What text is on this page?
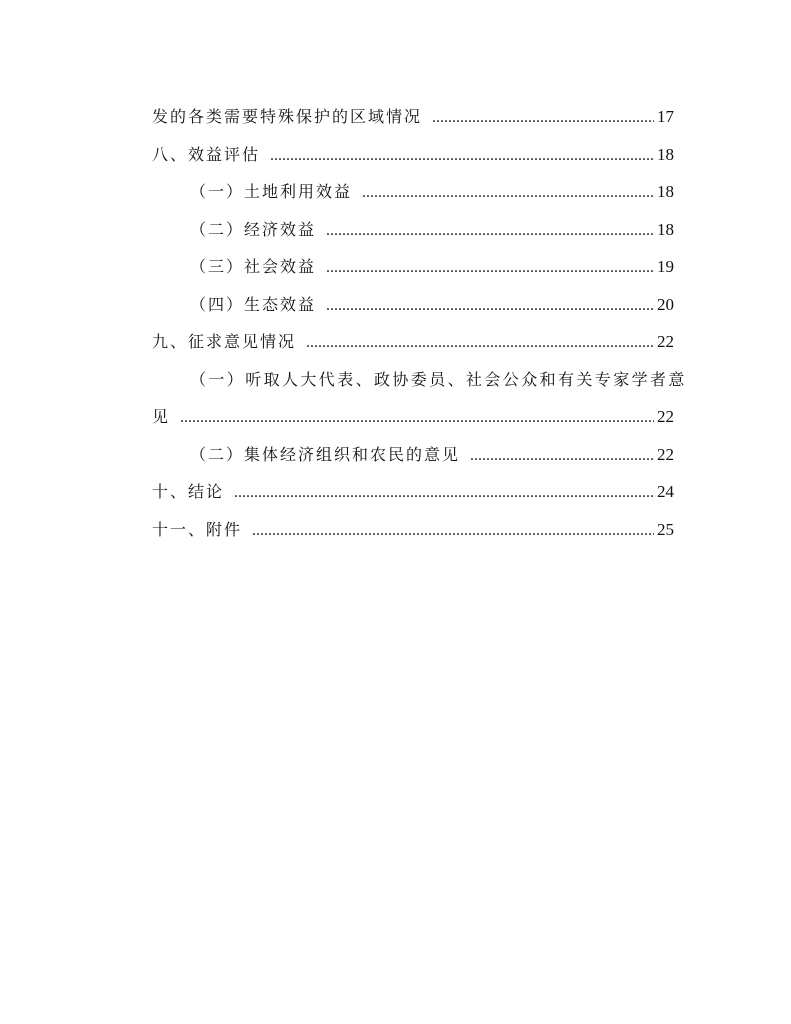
发的各类需要特殊保护的区域情况 .....	17
八、效益评估 .....	18
（一）土地利用效益 .....	18
（二）经济效益 .....	18
（三）社会效益 .....	19
（四）生态效益 .....	20
九、征求意见情况 .....	22
（一）听取人大代表、政协委员、社会公众和有关专家学者意
见 .....	22
（二）集体经济组织和农民的意见 .....	22
十、结论 .....	24
十一、附件 .....	25
